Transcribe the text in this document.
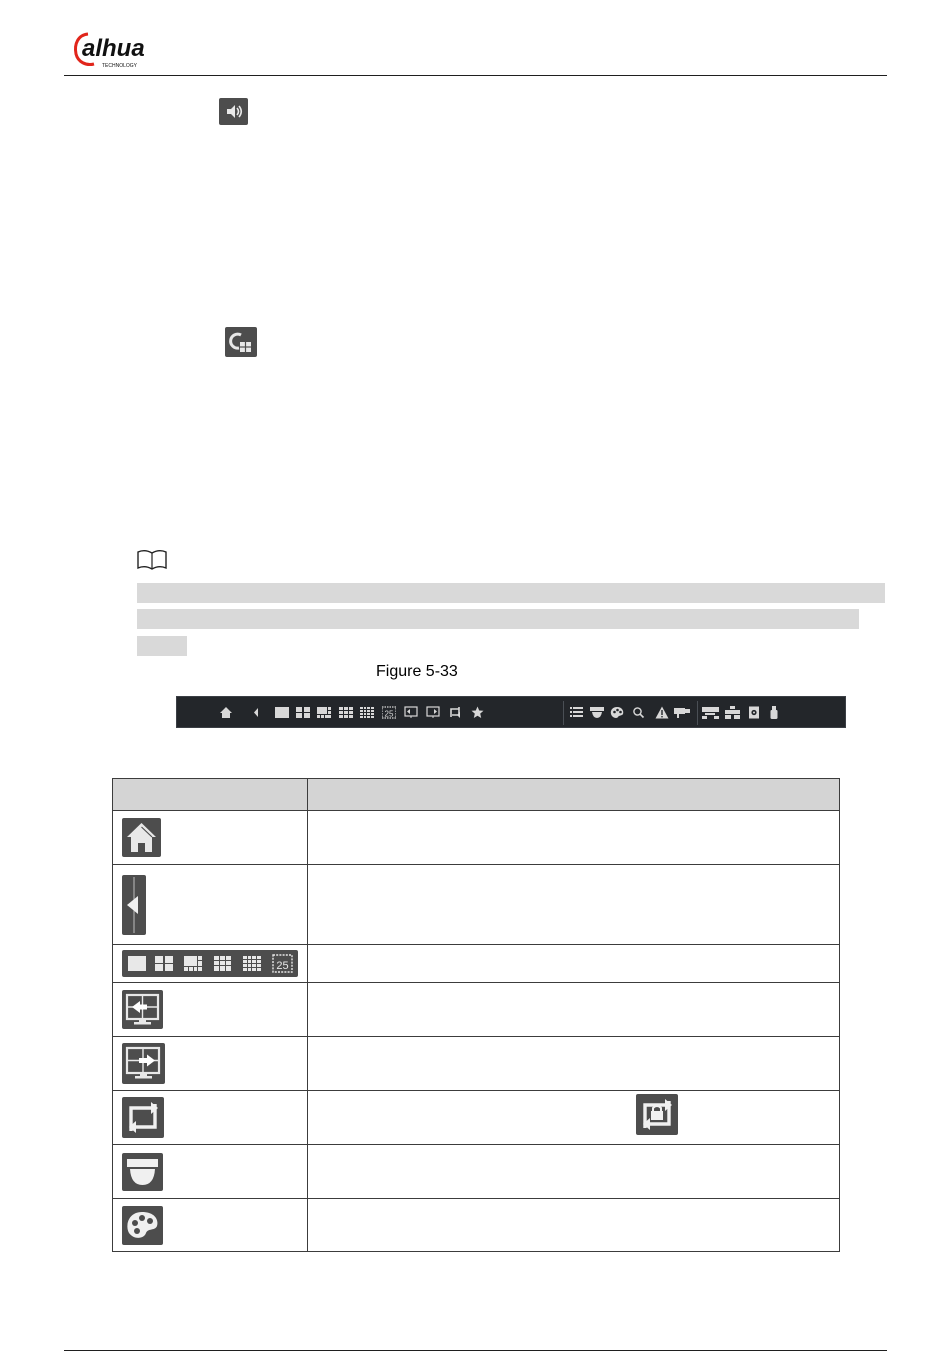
alhua
TECHNOLOGY
Figure 5-33
25

25	
